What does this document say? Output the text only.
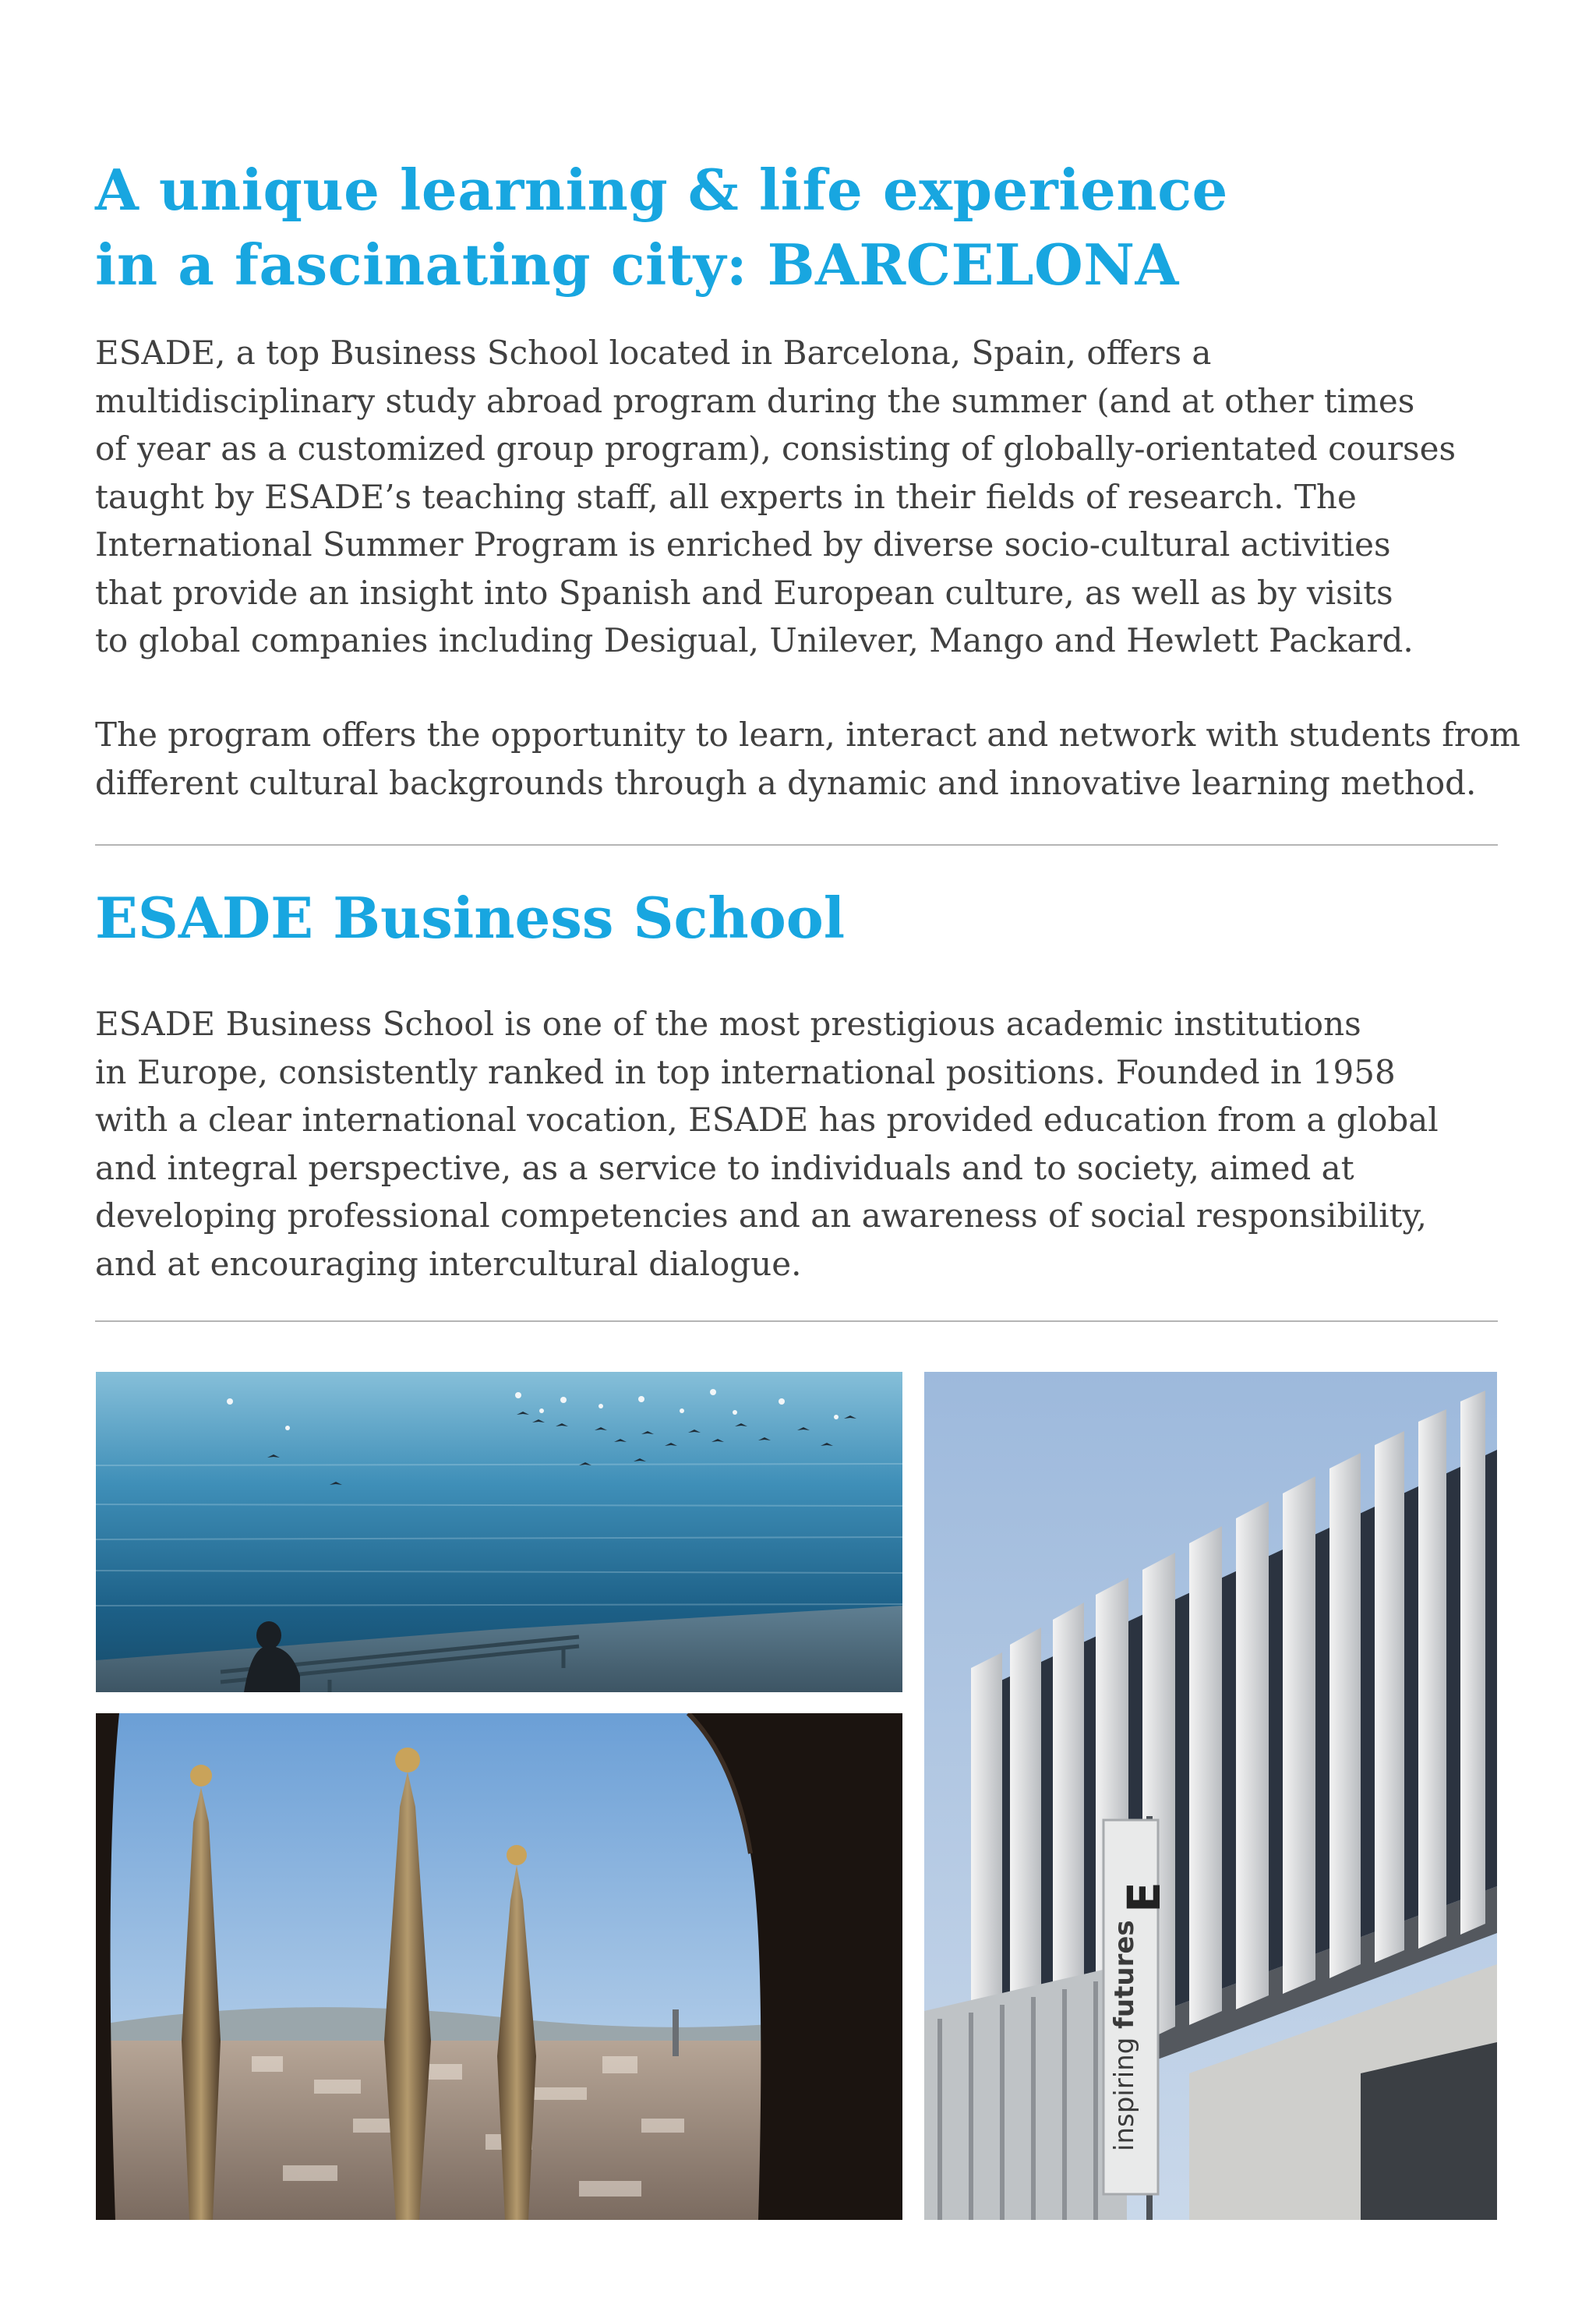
A unique learning & life experience
in a fascinating city: BARCELONA

ESADE, a top Business School located in Barcelona, Spain, offers a
multidisciplinary study abroad program during the summer (and at other times
of year as a customized group program), consisting of globally-orientated courses
taught by ESADE’s teaching staff, all experts in their fields of research. The
International Summer Program is enriched by diverse socio-cultural activities
that provide an insight into Spanish and European culture, as well as by visits
to global companies including Desigual, Unilever, Mango and Hewlett Packard.

The program offers the opportunity to learn, interact and network with students from
different cultural backgrounds through a dynamic and innovative learning method.

ESADE Business School

ESADE Business School is one of the most prestigious academic institutions
in Europe, consistently ranked in top international positions. Founded in 1958
with a clear international vocation, ESADE has provided education from a global
and integral perspective, as a service to individuals and to society, aimed at
developing professional competencies and an awareness of social responsibility,
and at encouraging intercultural dialogue.

E
inspiring futures
